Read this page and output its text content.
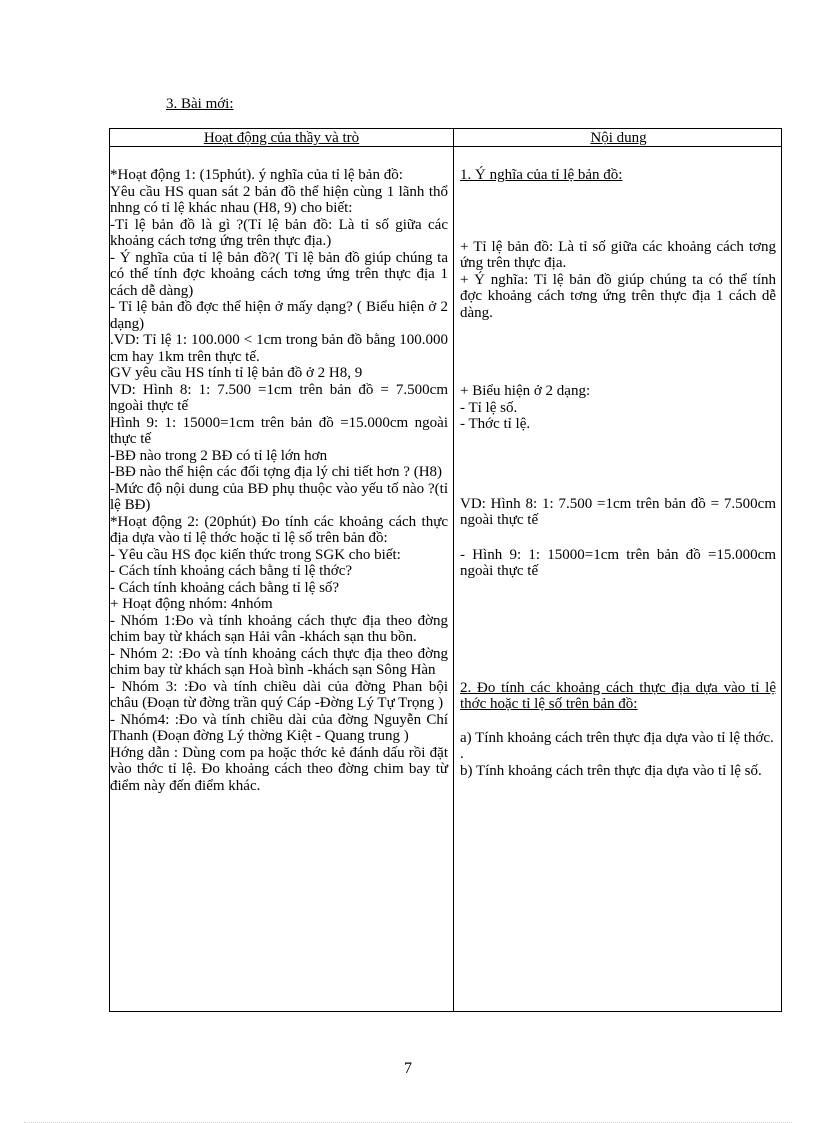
3. Bài mới:
Hoạt động của thầy và trò	Nội dung

*Hoạt động 1: (15phút). ý nghĩa của tỉ lệ bản đồ:

Yêu cầu HS quan sát 2 bản đồ thể hiện cùng 1 lãnh thổ nhng có tỉ lệ khác nhau (H8, 9) cho biết:

-Tỉ lệ bản đồ là gì ?(Tỉ lệ bản đồ: Là tỉ số giữa các khoảng cách tơng ứng trên thực địa.)

- Ý nghĩa của tỉ lệ bản đồ?( Tỉ lệ bản đồ giúp chúng ta có thể tính đợc khoảng cách tơng ứng trên thực địa 1 cách dễ dàng)

- Tỉ lệ bản đồ đợc thể hiện ở mấy dạng? ( Biểu hiện ở 2 dạng)

.VD: Tỉ lệ 1: 100.000 < 1cm trong bản đồ bằng 100.000 cm hay 1km trên thực tế.

GV yêu cầu HS tính tỉ lệ bản đồ ở 2 H8, 9

VD: Hình 8: 1: 7.500 =1cm trên bản đồ = 7.500cm ngoài thực tế

Hình 9: 1: 15000=1cm trên bản đồ =15.000cm ngoài thực tế

-BĐ nào trong 2 BĐ có tỉ lệ lớn hơn

-BĐ nào thể hiện các đối tợng địa lý chi tiết hơn ? (H8)

-Mức độ nội dung của BĐ phụ thuộc vào yếu tố nào ?(tỉ lệ BĐ)

*Hoạt động 2: (20phút) Đo tính các khoảng cách thực địa dựa vào tỉ lệ thớc hoặc tỉ lệ số trên bản đồ:

- Yêu cầu HS đọc kiến thức trong SGK cho biết:

- Cách tính khoảng cách bằng tỉ lệ thớc?

- Cách tính khoảng cách bằng tỉ lệ số?

+ Hoạt động nhóm: 4nhóm

- Nhóm 1:Đo và tính khoảng cách thực địa theo đờng chim bay từ khách sạn Hải vân -khách sạn thu bồn.

- Nhóm 2: :Đo và tính khoảng cách thực địa theo đờng chim bay từ khách sạn Hoà bình -khách sạn Sông Hàn

- Nhóm 3: :Đo và tính chiều dài của đờng Phan bội châu (Đoạn từ đờng trần quý Cáp -Đờng Lý Tự Trọng )

- Nhóm4: :Đo và tính chiều dài của đờng Nguyễn Chí Thanh (Đoạn đờng Lý thờng Kiệt - Quang trung )

Hớng dẫn : Dùng com pa hoặc thớc kẻ đánh dấu rồi đặt vào thớc tỉ lệ. Đo khoảng cách theo đờng chim bay từ điểm này đến điểm khác.

1. Ý nghĩa của tỉ lệ bản đồ:

+ Tỉ lệ bản đồ: Là tỉ số giữa các khoảng cách tơng ứng trên thực địa.

+ Ý nghĩa: Tỉ lệ bản đồ giúp chúng ta có thể tính đợc khoảng cách tơng ứng trên thực địa 1 cách dễ dàng.

+ Biểu hiện ở 2 dạng:

- Tỉ lệ số.

- Thớc tỉ lệ.

VD: Hình 8: 1: 7.500 =1cm trên bản đồ = 7.500cm ngoài thực tế

- Hình 9: 1: 15000=1cm trên bản đồ =15.000cm ngoài thực tế

2. Đo tính các khoảng cách thực địa dựa vào tỉ lệ thớc hoặc tỉ lệ số trên bản đồ:

a) Tính khoảng cách trên thực địa dựa vào tỉ lệ thớc.

.

b) Tính khoảng cách trên thực địa dựa vào tỉ lệ số.

7
